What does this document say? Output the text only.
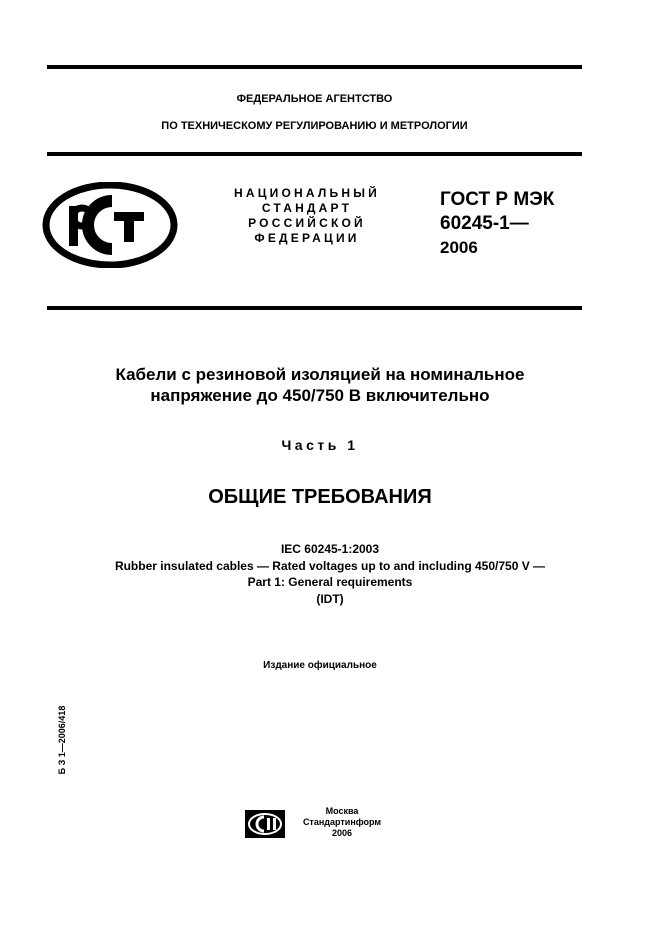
ФЕДЕРАЛЬНОЕ АГЕНТСТВО
ПО ТЕХНИЧЕСКОМУ РЕГУЛИРОВАНИЮ И МЕТРОЛОГИИ
НАЦИОНАЛЬНЫЙ
СТАНДАРТ
РОССИЙСКОЙ
ФЕДЕРАЦИИ
ГОСТ Р МЭК
60245-1—
2006
Кабели с резиновой изоляцией на номинальное
напряжение до 450/750 В включительно
Часть 1
ОБЩИЕ ТРЕБОВАНИЯ
IEC 60245-1:2003
Rubber insulated cables — Rated voltages up to and including 450/750 V —
Part 1: General requirements
(IDT)
Издание официальное
Б З 1—2006/418
Москва
Стандартинформ
2006
